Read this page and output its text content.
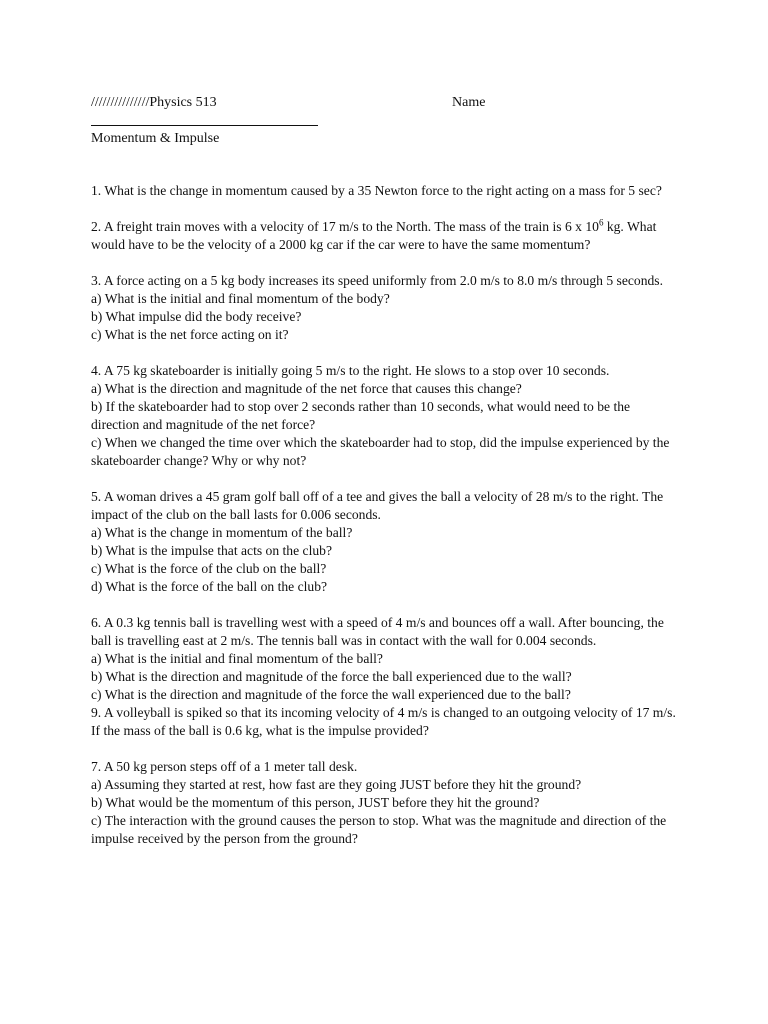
///////////////Physics 513	Name
Momentum & Impulse

1. What is the change in momentum caused by a 35 Newton force to the right acting on a mass for 5 sec?

2. A freight train moves with a velocity of 17 m/s to the North. The mass of the train is 6 x $10^6$ kg. What would have to be the velocity of a 2000 kg car if the car were to have the same momentum?

3. A force acting on a 5 kg body increases its speed uniformly from 2.0 m/s to 8.0 m/s through 5 seconds.

a) What is the initial and final momentum of the body?

b) What impulse did the body receive?

c) What is the net force acting on it?

4. A 75 kg skateboarder is initially going 5 m/s to the right. He slows to a stop over 10 seconds.

a) What is the direction and magnitude of the net force that causes this change?

b) If the skateboarder had to stop over 2 seconds rather than 10 seconds, what would need to be the direction and magnitude of the net force?

c) When we changed the time over which the skateboarder had to stop, did the impulse experienced by the skateboarder change? Why or why not?

5. A woman drives a 45 gram golf ball off of a tee and gives the ball a velocity of 28 m/s to the right. The impact of the club on the ball lasts for 0.006 seconds.

a) What is the change in momentum of the ball?

b) What is the impulse that acts on the club?

c) What is the force of the club on the ball?

d) What is the force of the ball on the club?

6. A 0.3 kg tennis ball is travelling west with a speed of 4 m/s and bounces off a wall. After bouncing, the ball is travelling east at 2 m/s. The tennis ball was in contact with the wall for 0.004 seconds.

a) What is the initial and final momentum of the ball?

b) What is the direction and magnitude of the force the ball experienced due to the wall?

c) What is the direction and magnitude of the force the wall experienced due to the ball?

9. A volleyball is spiked so that its incoming velocity of 4 m/s is changed to an outgoing velocity of 17 m/s. If the mass of the ball is 0.6 kg, what is the impulse provided?

7. A 50 kg person steps off of a 1 meter tall desk.

a) Assuming they started at rest, how fast are they going JUST before they hit the ground?

b) What would be the momentum of this person, JUST before they hit the ground?

c) The interaction with the ground causes the person to stop. What was the magnitude and direction of the impulse received by the person from the ground?
